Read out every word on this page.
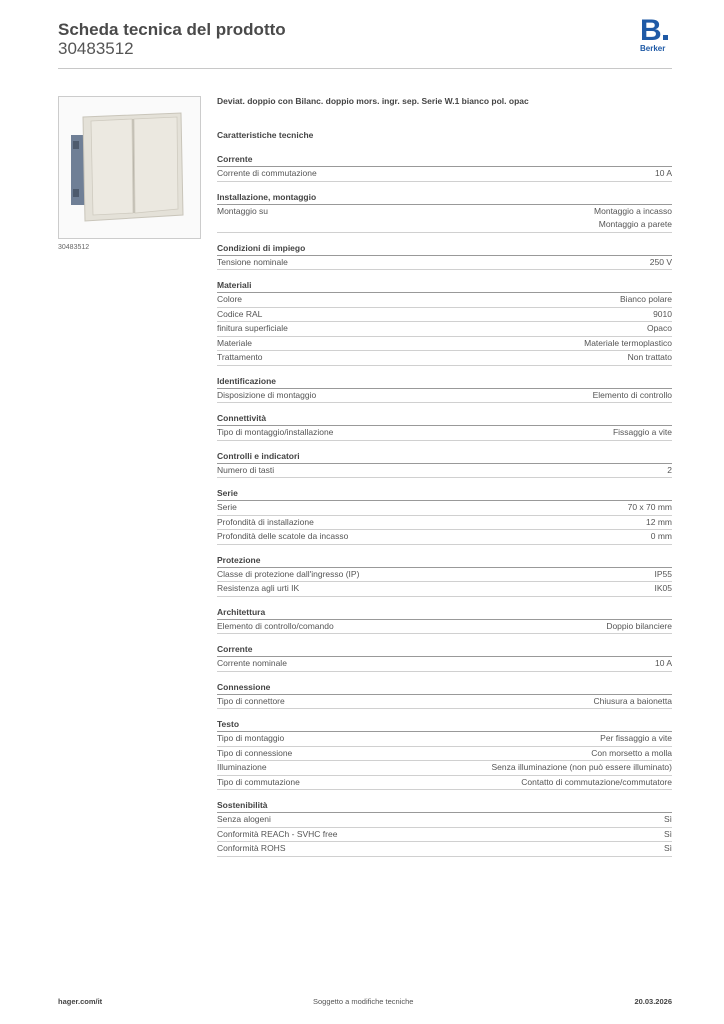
Scheda tecnica del prodotto
30483512
B
Berker
30483512
Deviat. doppio con Bilanc. doppio mors. ingr. sep. Serie W.1 bianco pol. opac
Caratteristiche tecniche
Corrente
Corrente di commutazione	10 A
Installazione, montaggio
Montaggio su	Montaggio a incasso
Montaggio a parete
Condizioni di impiego
Tensione nominale	250 V
Materiali
Colore	Bianco polare
Codice RAL	9010
finitura superficiale	Opaco
Materiale	Materiale termoplastico
Trattamento	Non trattato
Identificazione
Disposizione di montaggio	Elemento di controllo
Connettività
Tipo di montaggio/installazione	Fissaggio a vite
Controlli e indicatori
Numero di tasti	2
Serie
Serie	70 x 70 mm
Profondità di installazione	12 mm
Profondità delle scatole da incasso	0 mm
Protezione
Classe di protezione dall'ingresso (IP)	IP55
Resistenza agli urti IK	IK05
Architettura
Elemento di controllo/comando	Doppio bilanciere
Corrente
Corrente nominale	10 A
Connessione
Tipo di connettore	Chiusura a baionetta
Testo
Tipo di montaggio	Per fissaggio a vite
Tipo di connessione	Con morsetto a molla
Illuminazione	Senza illuminazione (non può essere illuminato)
Tipo di commutazione	Contatto di commutazione/commutatore
Sostenibilità
Senza alogeni	Sì
Conformità REACh - SVHC free	Sì
Conformità ROHS	Sì
hager.com/it	Soggetto a modifiche tecniche	20.03.2026
